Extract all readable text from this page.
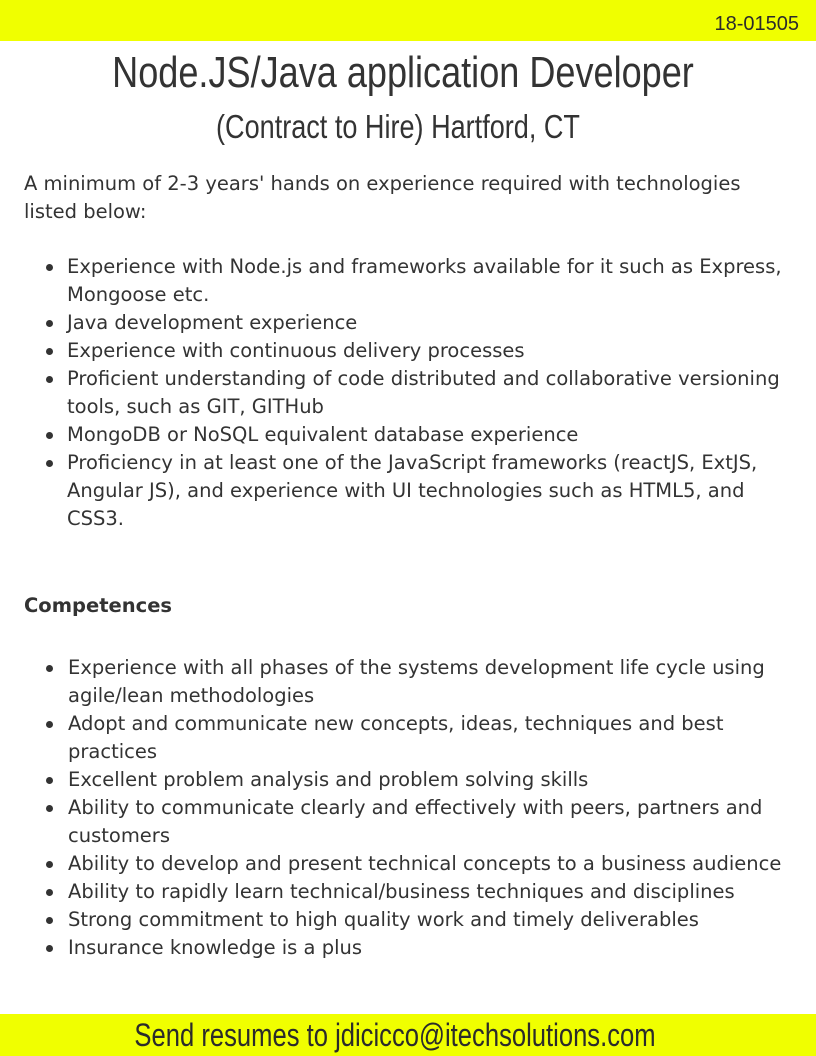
18-01505
Node.JS/Java application Developer
(Contract to Hire) Hartford, CT

A minimum of 2-3 years' hands on experience required with technologies listed below:

Experience with Node.js and frameworks available for it such as Express, Mongoose etc.
Java development experience
Experience with continuous delivery processes
Proficient understanding of code distributed and collaborative versioning tools, such as GIT, GITHub
MongoDB or NoSQL equivalent database experience
Proficiency in at least one of the JavaScript frameworks (reactJS, ExtJS, Angular JS), and experience with UI technologies such as HTML5, and CSS3.
Competences
Experience with all phases of the systems development life cycle using agile/lean methodologies
Adopt and communicate new concepts, ideas, techniques and best practices
Excellent problem analysis and problem solving skills
Ability to communicate clearly and effectively with peers, partners and customers
Ability to develop and present technical concepts to a business audience
Ability to rapidly learn technical/business techniques and disciplines
Strong commitment to high quality work and timely deliverables
Insurance knowledge is a plus
Send resumes to jdicicco@itechsolutions.com
